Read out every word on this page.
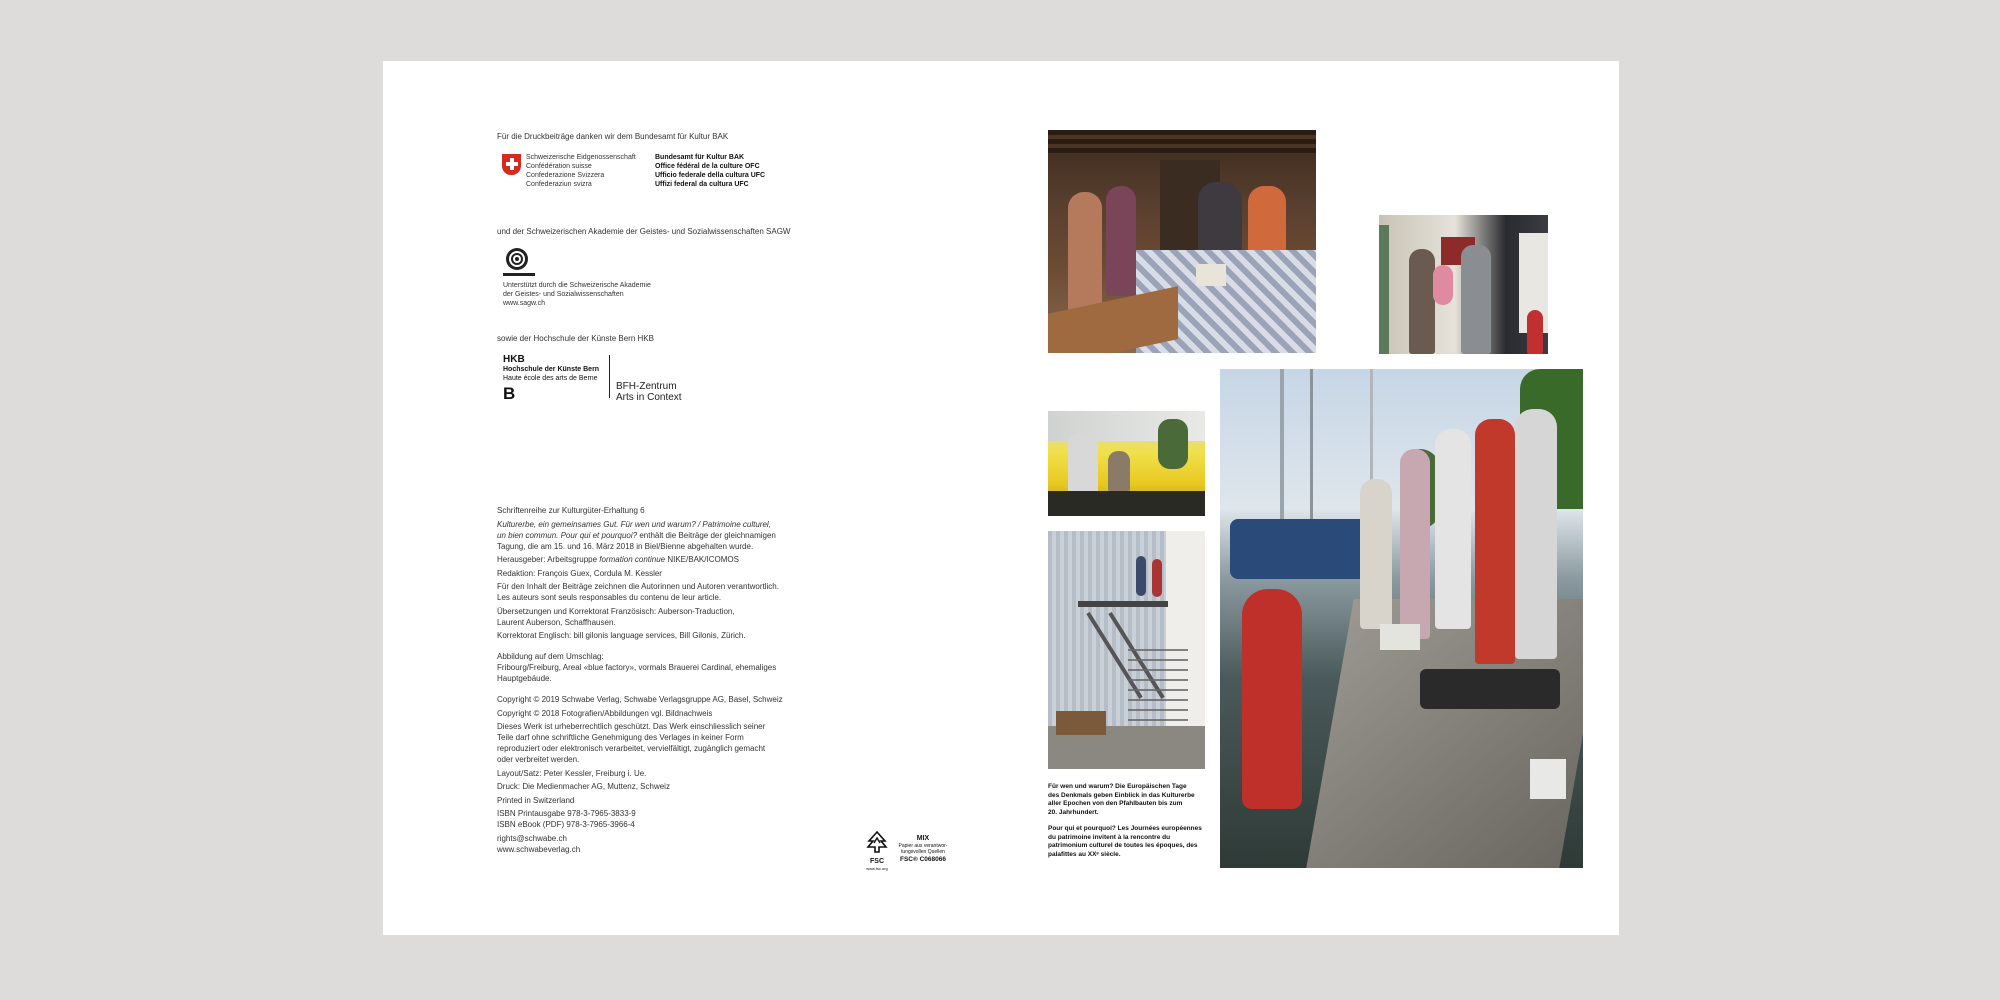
Für die Druckbeiträge danken wir dem Bundesamt für Kultur BAK
Schweizerische Eidgenossenschaft
Confédération suisse
Confederazione Svizzera
Confederaziun svizra
Bundesamt für Kultur BAK
Office fédéral de la culture OFC
Ufficio federale della cultura UFC
Uffizi federal da cultura UFC
und der Schweizerischen Akademie der Geistes- und Sozialwissenschaften SAGW
Unterstützt durch die Schweizerische Akademie
der Geistes- und Sozialwissenschaften
www.sagw.ch
sowie der Hochschule der Künste Bern HKB
HKB
Hochschule der Künste Bern
Haute école des arts de Berne
B	BFH-Zentrum
Arts in Context

Schriftenreihe zur Kulturgüter-Erhaltung 6

Kulturerbe, ein gemeinsames Gut. Für wen und warum? / Patrimoine culturel,
un bien commun. Pour qui et pourquoi? enthält die Beiträge der gleichnamigen
Tagung, die am 15. und 16. März 2018 in Biel/Bienne abgehalten wurde.

Herausgeber: Arbeitsgruppe formation continue NIKE/BAK/ICOMOS

Redaktion: François Guex, Cordula M. Kessler

Für den Inhalt der Beiträge zeichnen die Autorinnen und Autoren verantwortlich.
Les auteurs sont seuls responsables du contenu de leur article.
Übersetzungen und Korrektorat Französisch: Auberson-Traduction,
Laurent Auberson, Schaffhausen.

Korrektorat Englisch: bill gilonis language services, Bill Gilonis, Zürich.

Abbildung auf dem Umschlag:
Fribourg/Freiburg, Areal «blue factory», vormals Brauerei Cardinal, ehemaliges
Hauptgebäude.

Copyright © 2019 Schwabe Verlag, Schwabe Verlagsgruppe AG, Basel, Schweiz

Copyright © 2018 Fotografien/Abbildungen vgl. Bildnachweis

Dieses Werk ist urheberrechtlich geschützt. Das Werk einschliesslich seiner
Teile darf ohne schriftliche Genehmigung des Verlages in keiner Form
reproduziert oder elektronisch verarbeitet, vervielfältigt, zugänglich gemacht
oder verbreitet werden.

Layout/Satz: Peter Kessler, Freiburg i. Ue.

Druck: Die Medienmacher AG, Muttenz, Schweiz

Printed in Switzerland

ISBN Printausgabe 978-3-7965-3833-9
ISBN eBook (PDF) 978-3-7965-3966-4
rights@schwabe.ch
www.schwabeverlag.ch
FSC
www.fsc.org
MIX
Papier aus verantwor-
tungsvollen Quellen
FSC® C068066
Für wen und warum? Die Europäischen Tage
des Denkmals geben Einblick in das Kulturerbe
aller Epochen von den Pfahlbauten bis zum
20. Jahrhundert.
Pour qui et pourquoi? Les Journées européennes
du patrimoine invitent à la rencontre du
patrimonium culturel de toutes les époques, des
palafittes au XXᵉ siècle.
